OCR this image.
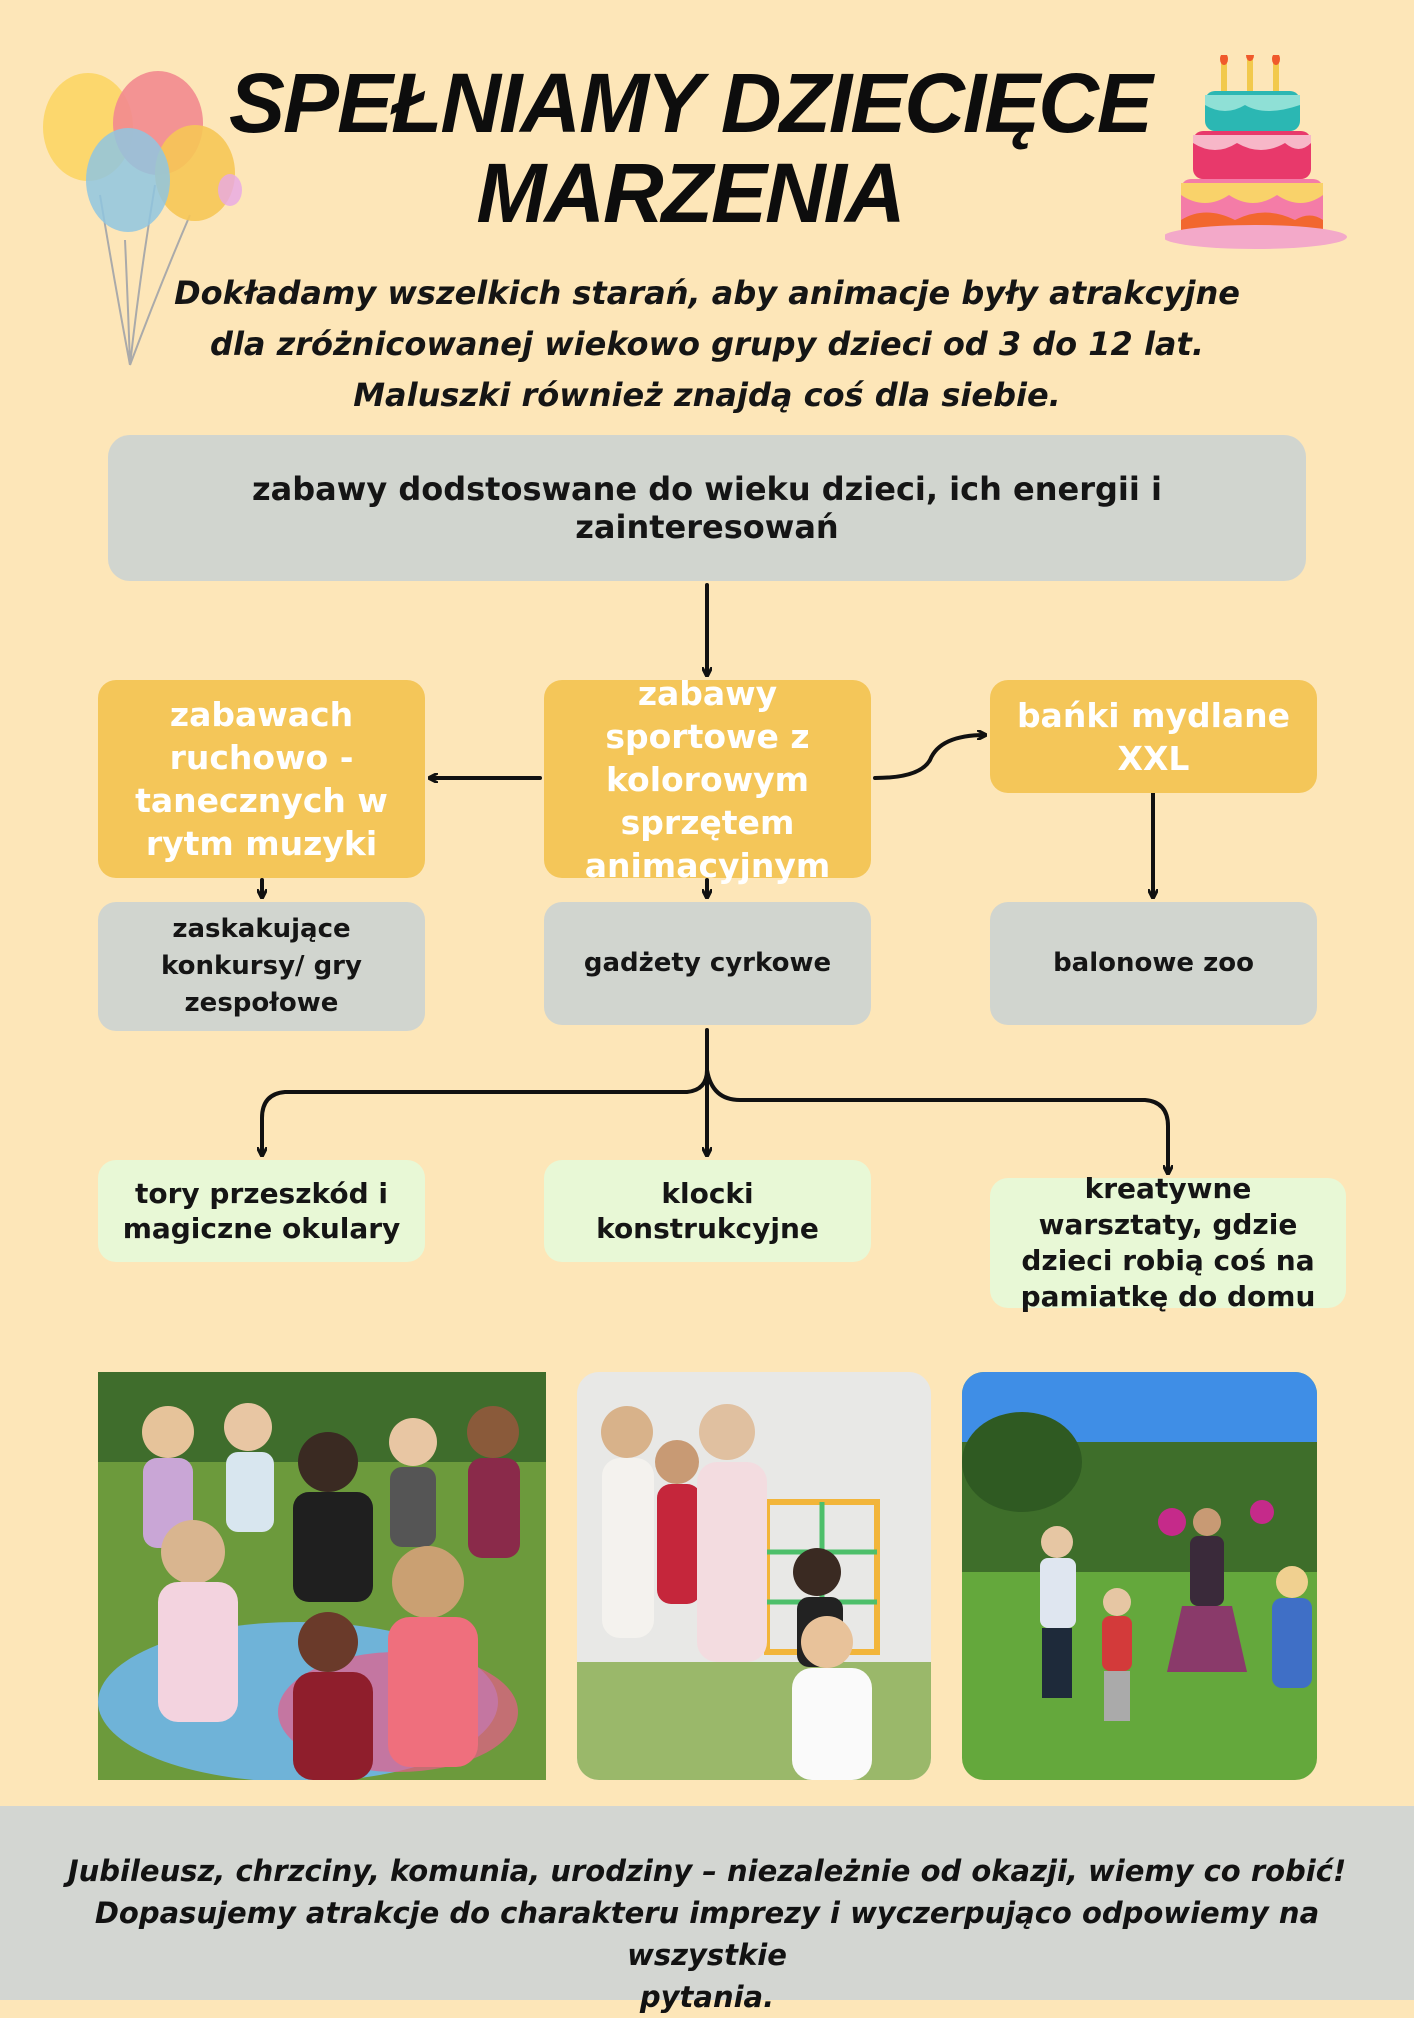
SPEŁNIAMY DZIECIĘCE
MARZENIA
Dokładamy wszelkich starań, aby animacje były atrakcyjne
dla zróżnicowanej wiekowo grupy dzieci od 3 do 12 lat.
Maluszki również znajdą coś dla siebie.
zabawy dodstoswane do wieku dzieci, ich energii i zainteresowań
zabawach ruchowo - tanecznych w rytm muzyki
zabawy sportowe z kolorowym sprzętem animacyjnym
bańki mydlane XXL
zaskakujące konkursy/ gry zespołowe
gadżety cyrkowe	balonowe zoo
tory przeszkód i magiczne okulary
klocki konstrukcyjne
kreatywne warsztaty, gdzie dzieci robią coś na pamiatkę do domu
Jubileusz, chrzciny, komunia, urodziny – niezależnie od okazji, wiemy co robić!
Dopasujemy atrakcje do charakteru imprezy i wyczerpująco odpowiemy na wszystkie
pytania.
